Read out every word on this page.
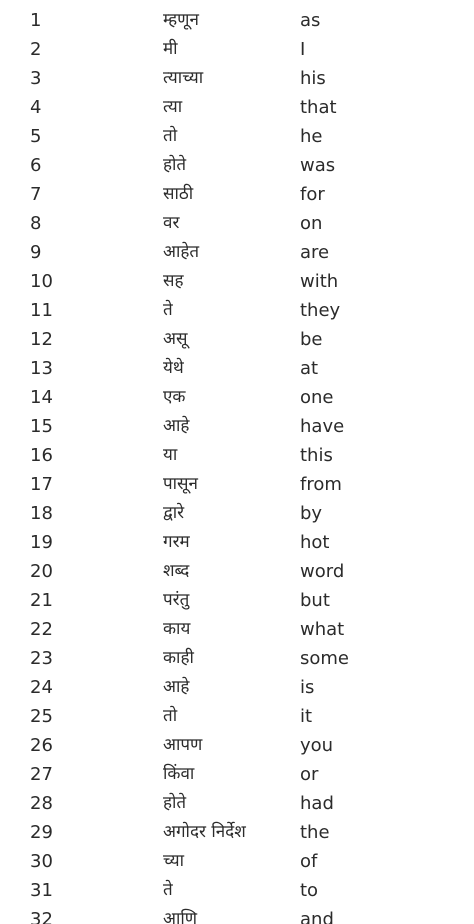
1	म्हणून	as
2	मी	I
3	त्याच्या	his
4	त्या	that
5	तो	he
6	होते	was
7	साठी	for
8	वर	on
9	आहेत	are
10	सह	with
11	ते	they
12	असू	be
13	येथे	at
14	एक	one
15	आहे	have
16	या	this
17	पासून	from
18	द्वारे	by
19	गरम	hot
20	शब्द	word
21	परंतु	but
22	काय	what
23	काही	some
24	आहे	is
25	तो	it
26	आपण	you
27	किंवा	or
28	होते	had
29	अगोदर निर्देश	the
30	च्या	of
31	ते	to
32	आणि	and
